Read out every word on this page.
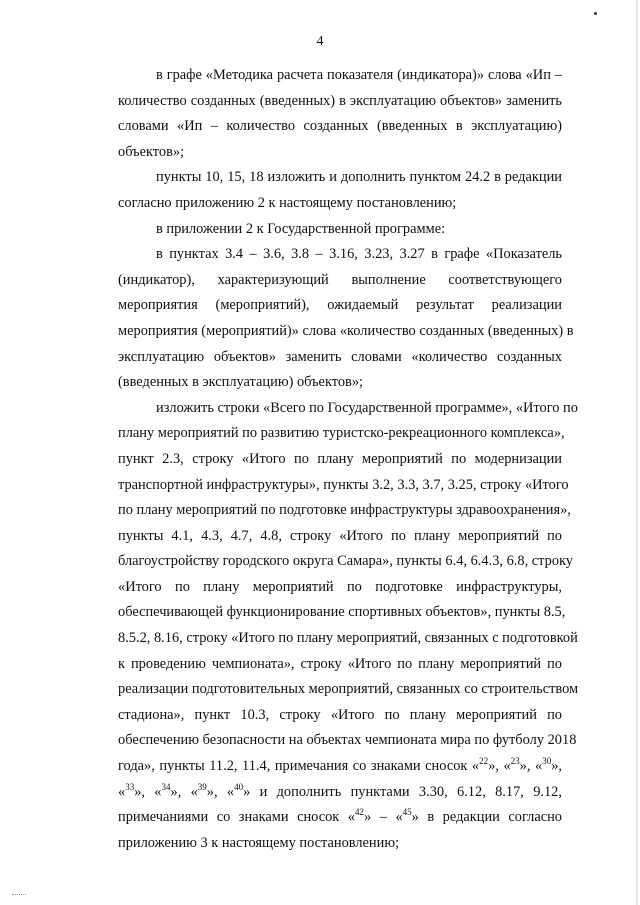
4
в графе «Методика расчета показателя (индикатора)» слова «Ип –
количество созданных (введенных) в эксплуатацию объектов» заменить
словами «Ип – количество созданных (введенных в эксплуатацию)
объектов»;
пункты 10, 15, 18 изложить и дополнить пунктом 24.2 в редакции
согласно приложению 2 к настоящему постановлению;
в приложении 2 к Государственной программе:
в пунктах 3.4 – 3.6, 3.8 – 3.16, 3.23, 3.27 в графе «Показатель
(индикатор), характеризующий выполнение соответствующего
мероприятия (мероприятий), ожидаемый результат реализации
мероприятия (мероприятий)» слова «количество созданных (введенных) в
эксплуатацию объектов» заменить словами «количество созданных
(введенных в эксплуатацию) объектов»;
изложить строки «Всего по Государственной программе», «Итого по
плану мероприятий по развитию туристско-рекреационного комплекса»,
пункт 2.3, строку «Итого по плану мероприятий по модернизации
транспортной инфраструктуры», пункты 3.2, 3.3, 3.7, 3.25, строку «Итого
по плану мероприятий по подготовке инфраструктуры здравоохранения»,
пункты 4.1, 4.3, 4.7, 4.8, строку «Итого по плану мероприятий по
благоустройству городского округа Самара», пункты 6.4, 6.4.3, 6.8, строку
«Итого по плану мероприятий по подготовке инфраструктуры,
обеспечивающей функционирование спортивных объектов», пункты 8.5,
8.5.2, 8.16, строку «Итого по плану мероприятий, связанных с подготовкой
к проведению чемпионата», строку «Итого по плану мероприятий по
реализации подготовительных мероприятий, связанных со строительством
стадиона», пункт 10.3, строку «Итого по плану мероприятий по
обеспечению безопасности на объектах чемпионата мира по футболу 2018
года», пункты 11.2, 11.4, примечания со знаками сносок «$^{22}$», «$^{23}$», «$^{30}$»,
«$^{33}$», «$^{34}$», «$^{39}$», «$^{40}$» и дополнить пунктами 3.30, 6.12, 8.17, 9.12,
примечаниями со знаками сносок «$^{42}$» – «$^{45}$» в редакции согласно
приложению 3 к настоящему постановлению;
